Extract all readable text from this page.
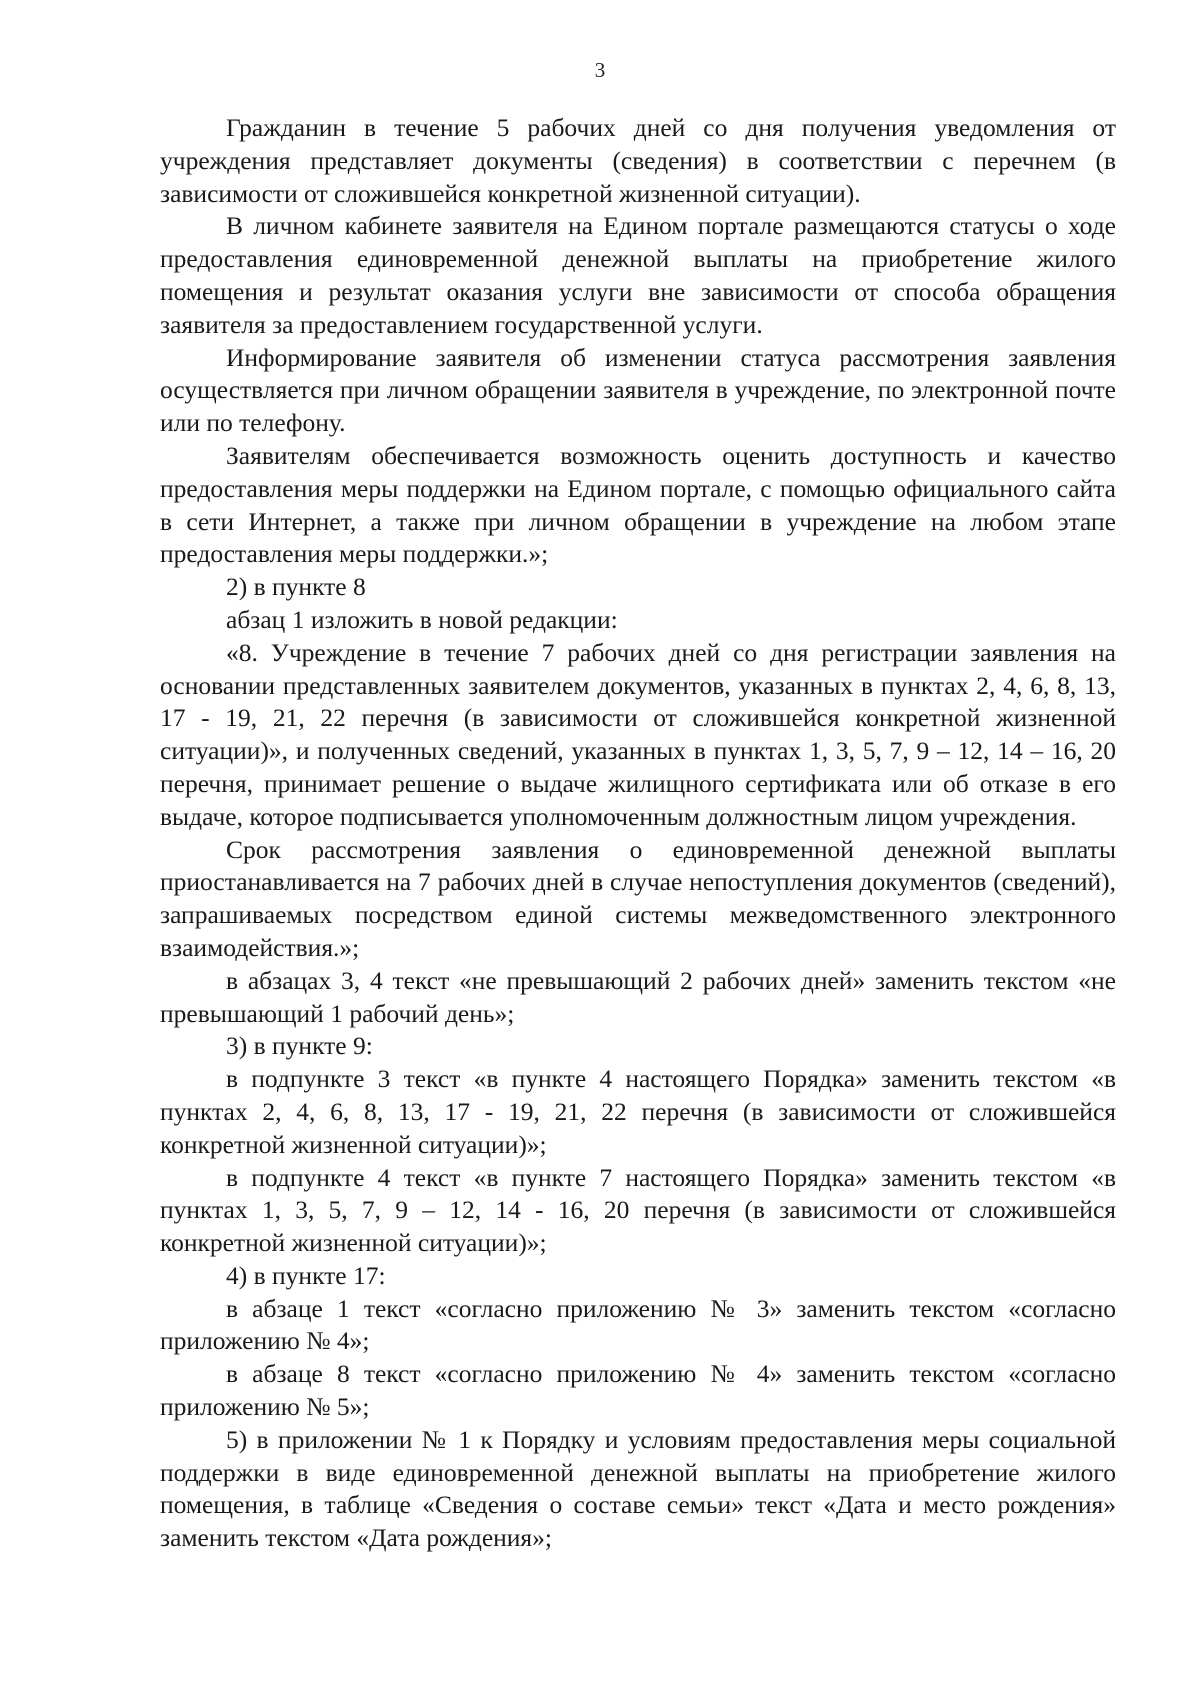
3

Гражданин в течение 5 рабочих дней со дня получения уведомления от учреждения представляет документы (сведения) в соответствии с перечнем (в зависимости от сложившейся конкретной жизненной ситуации).

В личном кабинете заявителя на Едином портале размещаются статусы о ходе предоставления единовременной денежной выплаты на приобретение жилого помещения и результат оказания услуги вне зависимости от способа обращения заявителя за предоставлением государственной услуги.

Информирование заявителя об изменении статуса рассмотрения заявления осуществляется при личном обращении заявителя в учреждение, по электронной почте или по телефону.

Заявителям обеспечивается возможность оценить доступность и качество предоставления меры поддержки на Едином портале, с помощью официального сайта в сети Интернет, а также при личном обращении в учреждение на любом этапе предоставления меры поддержки.»;

2) в пункте 8

абзац 1 изложить в новой редакции:

«8. Учреждение в течение 7 рабочих дней со дня регистрации заявления на основании представленных заявителем документов, указанных в пунктах 2, 4, 6, 8, 13, 17 - 19, 21, 22 перечня (в зависимости от сложившейся конкретной жизненной ситуации)», и полученных сведений, указанных в пунктах 1, 3, 5, 7, 9 – 12, 14 – 16, 20 перечня, принимает решение о выдаче жилищного сертификата или об отказе в его выдаче, которое подписывается уполномоченным должностным лицом учреждения.

Срок рассмотрения заявления о единовременной денежной выплаты приостанавливается на 7 рабочих дней в случае непоступления документов (сведений), запрашиваемых посредством единой системы межведомственного электронного взаимодействия.»;

в абзацах 3, 4 текст «не превышающий 2 рабочих дней» заменить текстом «не превышающий 1 рабочий день»;

3) в пункте 9:

в подпункте 3 текст «в пункте 4 настоящего Порядка» заменить текстом «в пунктах 2, 4, 6, 8, 13, 17 - 19, 21, 22 перечня (в зависимости от сложившейся конкретной жизненной ситуации)»;

в подпункте 4 текст «в пункте 7 настоящего Порядка» заменить текстом «в пунктах 1, 3, 5, 7, 9 – 12, 14 - 16, 20 перечня (в зависимости от сложившейся конкретной жизненной ситуации)»;

4) в пункте 17:

в абзаце 1 текст «согласно приложению № 3» заменить текстом «согласно приложению № 4»;

в абзаце 8 текст «согласно приложению № 4» заменить текстом «согласно приложению № 5»;

5) в приложении № 1 к Порядку и условиям предоставления меры социальной поддержки в виде единовременной денежной выплаты на приобретение жилого помещения, в таблице «Сведения о составе семьи» текст «Дата и место рождения» заменить текстом «Дата рождения»;
